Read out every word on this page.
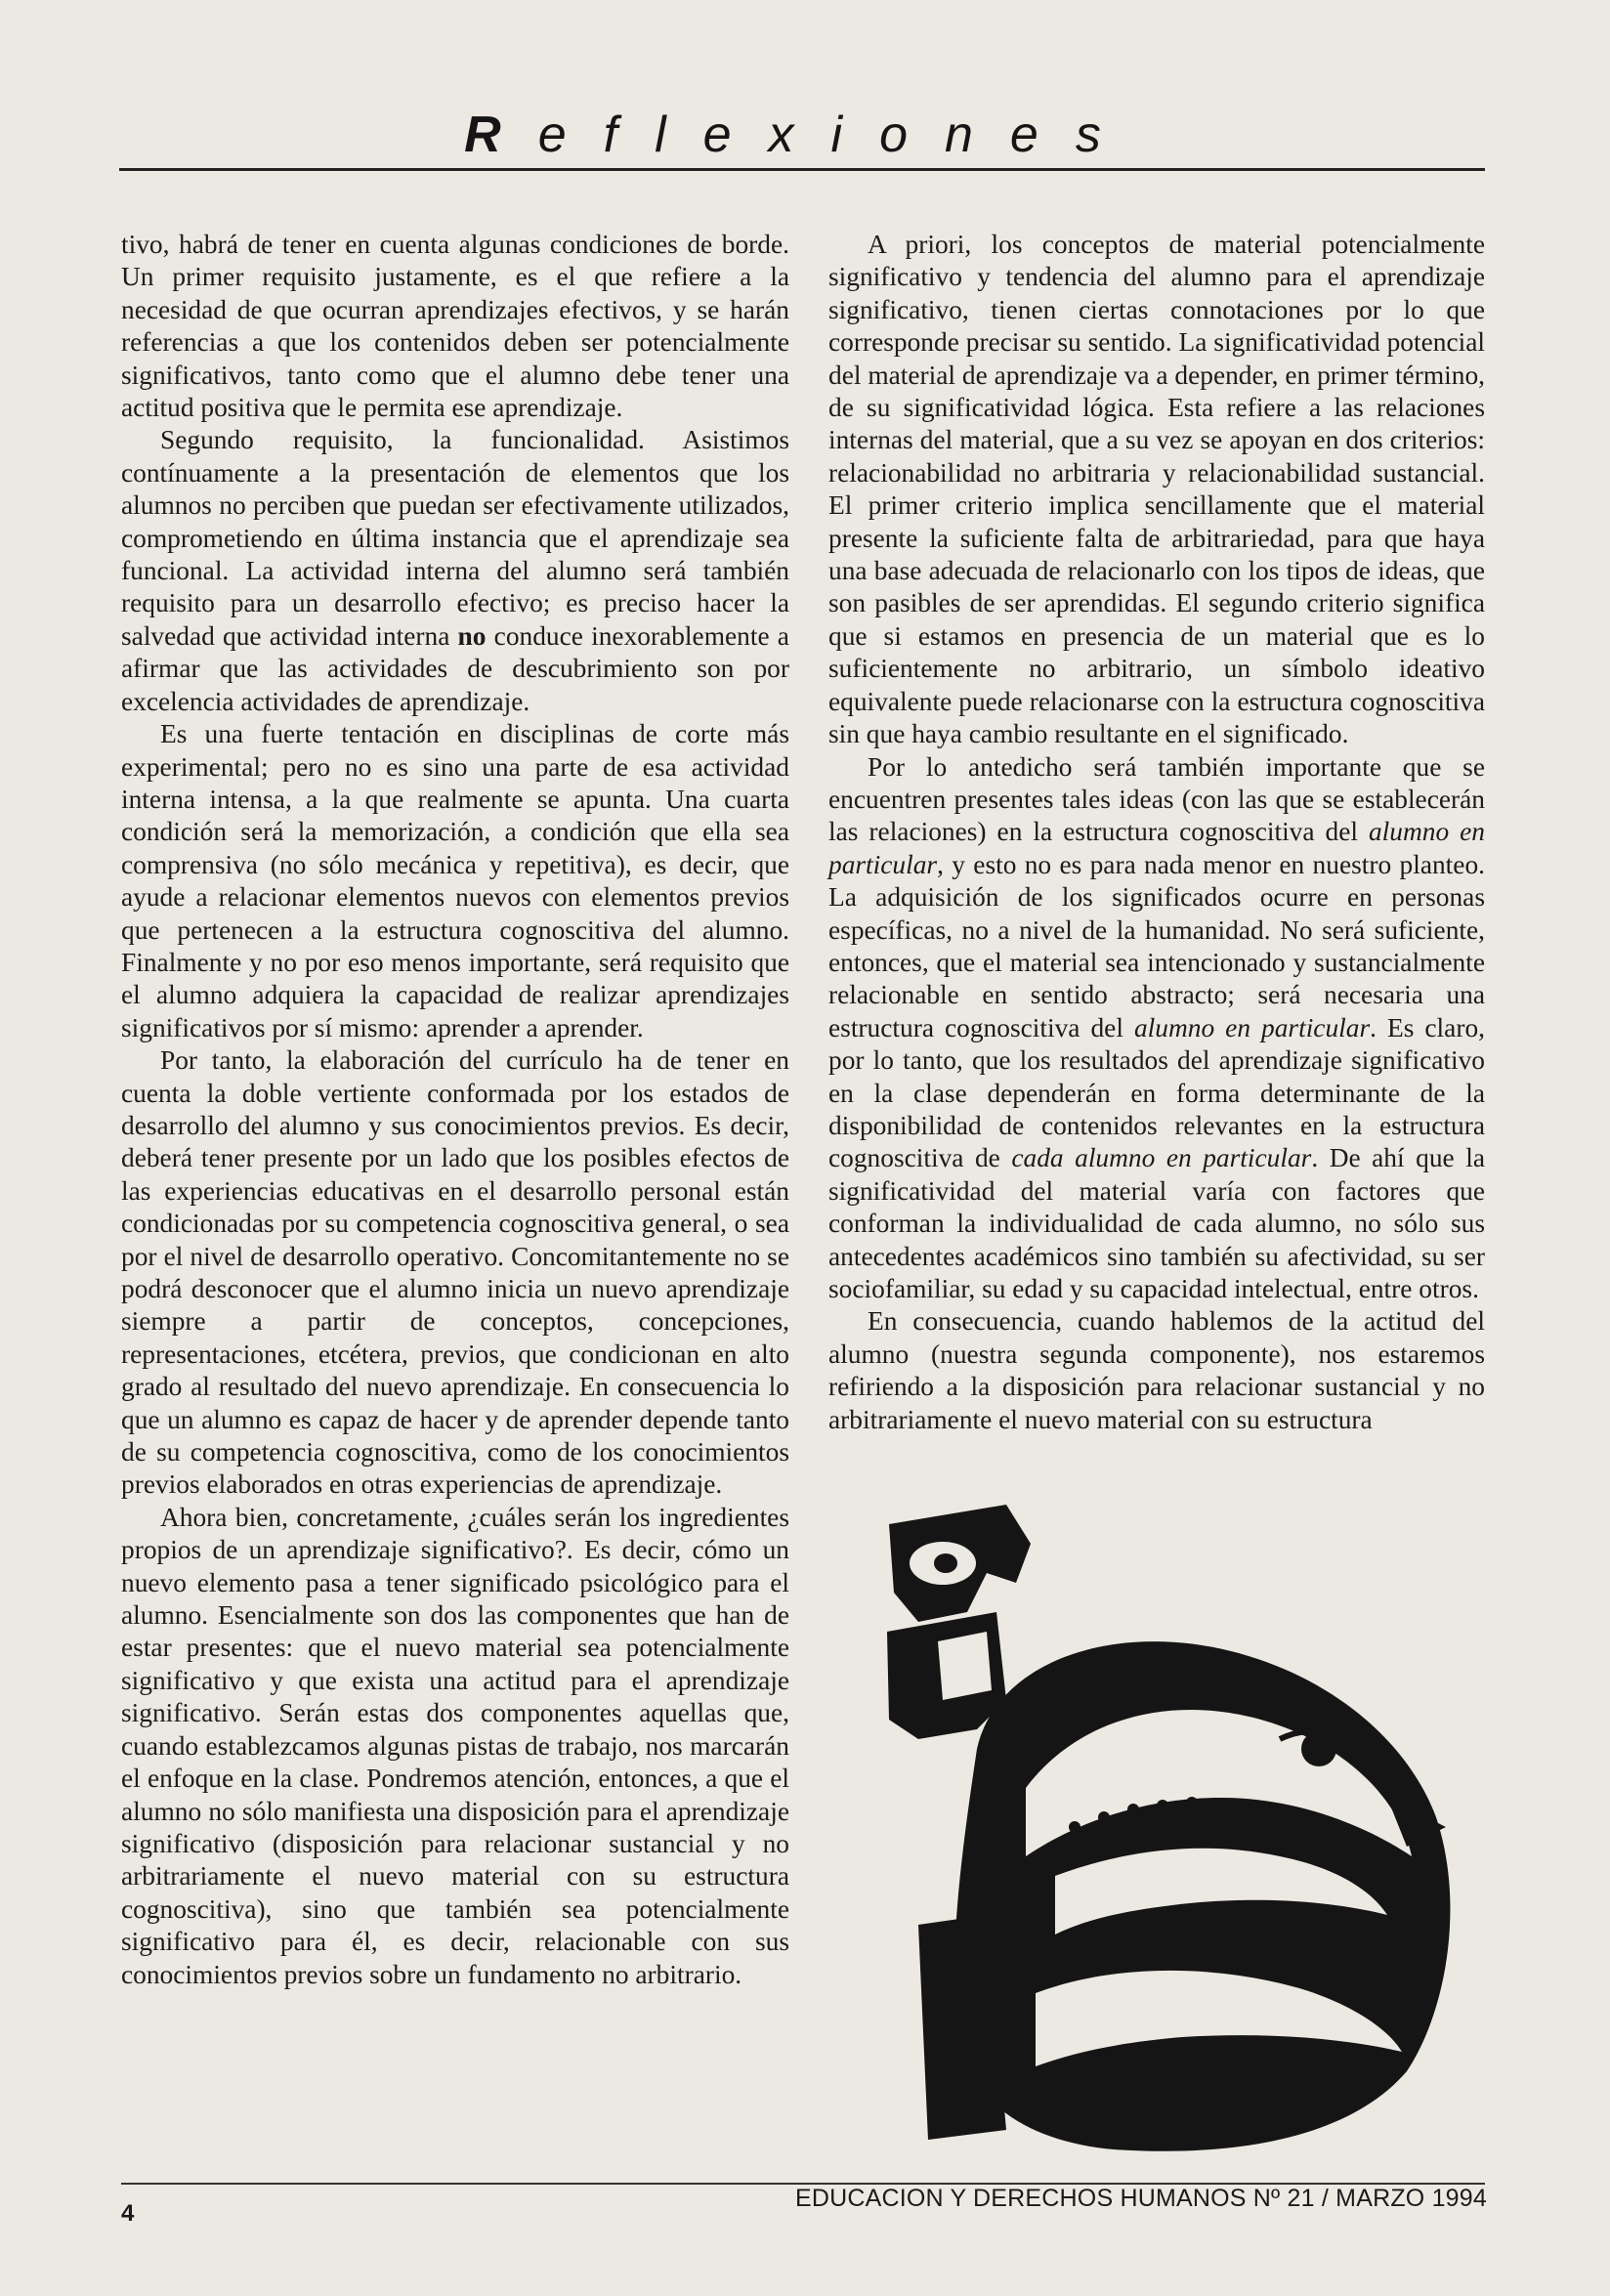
Reflexiones

tivo, habrá de tener en cuenta algunas condiciones de borde. Un primer requisito justamente, es el que refiere a la necesidad de que ocurran aprendizajes efectivos, y se harán referencias a que los contenidos deben ser potencialmente significativos, tanto como que el alumno debe tener una actitud positiva que le permita ese aprendizaje.

Segundo requisito, la funcionalidad. Asistimos contínuamente a la presentación de elementos que los alumnos no perciben que puedan ser efectivamente utilizados, comprometiendo en última instancia que el aprendizaje sea funcional. La actividad interna del alumno será también requisito para un desarrollo efectivo; es preciso hacer la salvedad que actividad interna no conduce inexorablemente a afirmar que las actividades de descubrimiento son por excelencia actividades de aprendizaje.

Es una fuerte tentación en disciplinas de corte más experimental; pero no es sino una parte de esa actividad interna intensa, a la que realmente se apunta. Una cuarta condición será la memorización, a condición que ella sea comprensiva (no sólo mecánica y repetitiva), es decir, que ayude a relacionar elementos nuevos con elementos previos que pertenecen a la estructura cognoscitiva del alumno. Finalmente y no por eso menos importante, será requisito que el alumno adquiera la capacidad de realizar aprendizajes significativos por sí mismo: aprender a aprender.

Por tanto, la elaboración del currículo ha de tener en cuenta la doble vertiente conformada por los estados de desarrollo del alumno y sus conocimientos previos. Es decir, deberá tener presente por un lado que los posibles efectos de las experiencias educativas en el desarrollo personal están condicionadas por su competencia cognoscitiva general, o sea por el nivel de desarrollo operativo. Concomitantemente no se podrá desconocer que el alumno inicia un nuevo aprendizaje siempre a partir de conceptos, concepciones, representaciones, etcétera, previos, que condicionan en alto grado al resultado del nuevo aprendizaje. En consecuencia lo que un alumno es capaz de hacer y de aprender depende tanto de su competencia cognoscitiva, como de los conocimientos previos elaborados en otras experiencias de aprendizaje.

Ahora bien, concretamente, ¿cuáles serán los ingredientes propios de un aprendizaje significativo?. Es decir, cómo un nuevo elemento pasa a tener significado psicológico para el alumno. Esencialmente son dos las componentes que han de estar presentes: que el nuevo material sea potencialmente significativo y que exista una actitud para el aprendizaje significativo. Serán estas dos componentes aquellas que, cuando establezcamos algunas pistas de trabajo, nos marcarán el enfoque en la clase. Pondremos atención, entonces, a que el alumno no sólo manifiesta una disposición para el aprendizaje significativo (disposición para relacionar sustancial y no arbitrariamente el nuevo material con su estructura cognoscitiva), sino que también sea potencialmente significativo para él, es decir, relacionable con sus conocimientos previos sobre un fundamento no arbitrario.

A priori, los conceptos de material potencialmente significativo y tendencia del alumno para el aprendizaje significativo, tienen ciertas connotaciones por lo que corresponde precisar su sentido. La significatividad potencial del material de aprendizaje va a depender, en primer término, de su significatividad lógica. Esta refiere a las relaciones internas del material, que a su vez se apoyan en dos criterios: relacionabilidad no arbitraria y relacionabilidad sustancial. El primer criterio implica sencillamente que el material presente la suficiente falta de arbitrariedad, para que haya una base adecuada de relacionarlo con los tipos de ideas, que son pasibles de ser aprendidas. El segundo criterio significa que si estamos en presencia de un material que es lo suficientemente no arbitrario, un símbolo ideativo equivalente puede relacionarse con la estructura cognoscitiva sin que haya cambio resultante en el significado.

Por lo antedicho será también importante que se encuentren presentes tales ideas (con las que se establecerán las relaciones) en la estructura cognoscitiva del alumno en particular, y esto no es para nada menor en nuestro planteo. La adquisición de los significados ocurre en personas específicas, no a nivel de la humanidad. No será suficiente, entonces, que el material sea intencionado y sustancialmente relacionable en sentido abstracto; será necesaria una estructura cognoscitiva del alumno en particular. Es claro, por lo tanto, que los resultados del aprendizaje significativo en la clase dependerán en forma determinante de la disponibilidad de contenidos relevantes en la estructura cognoscitiva de cada alumno en particular. De ahí que la significatividad del material varía con factores que conforman la individualidad de cada alumno, no sólo sus antecedentes académicos sino también su afectividad, su ser sociofamiliar, su edad y su capacidad intelectual, entre otros.

En consecuencia, cuando hablemos de la actitud del alumno (nuestra segunda componente), nos estaremos refiriendo a la disposición para relacionar sustancial y no arbitrariamente el nuevo material con su estructura

4
EDUCACION Y DERECHOS HUMANOS Nº 21 / MARZO 1994
